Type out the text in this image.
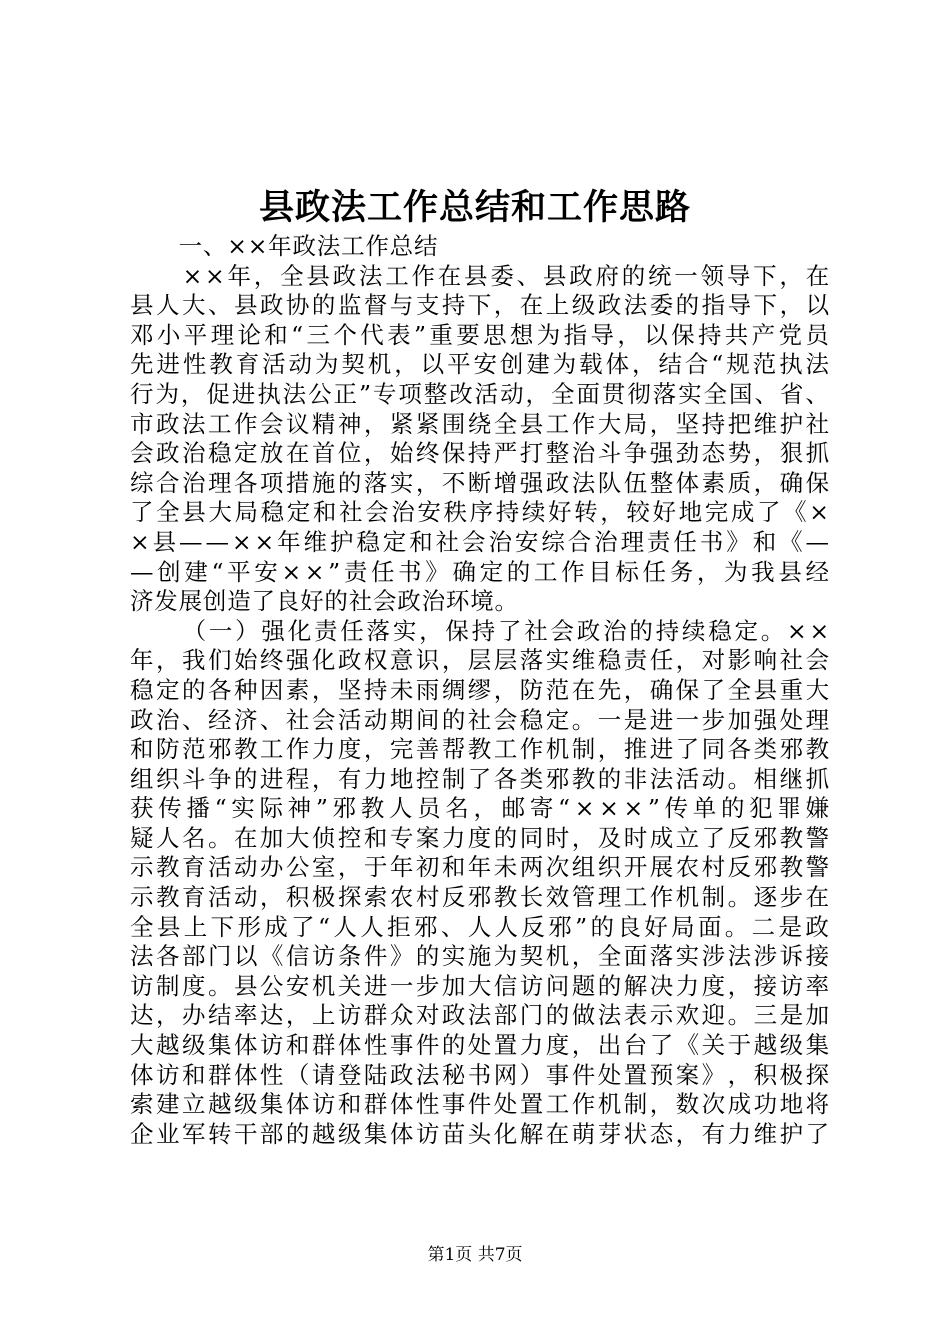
县政法工作总结和工作思路
　　一、××年政法工作总结

× × 年 ， 全 县 政 法 工 作 在 县 委 、 县 政 府 的 统 一 领 导 下 ， 在
县 人 大 、 县 政 协 的 监 督 与 支 持 下 ， 在 上 级 政 法 委 的 指 导 下 ， 以
邓 小 平 理 论 和 “ 三 个 代 表 ” 重 要 思 想 为 指 导 ， 以 保 持 共 产 党 员
先 进 性 教 育 活 动 为 契 机 ， 以 平 安 创 建 为 载 体 ， 结 合 “ 规 范 执 法
行 为 ， 促 进 执 法 公 正 ” 专 项 整 改 活 动 ， 全 面 贯 彻 落 实 全 国 、 省 、
市 政 法 工 作 会 议 精 神 ， 紧 紧 围 绕 全 县 工 作 大 局 ， 坚 持 把 维 护 社
会 政 治 稳 定 放 在 首 位 ， 始 终 保 持 严 打 整 治 斗 争 强 劲 态 势 ， 狠 抓
综 合 治 理 各 项 措 施 的 落 实 ， 不 断 增 强 政 法 队 伍 整 体 素 质 ， 确 保
了 全 县 大 局 稳 定 和 社 会 治 安 秩 序 持 续 好 转 ， 较 好 地 完 成 了 《 ×
× 县 — — × × 年 维 护 稳 定 和 社 会 治 安 综 合 治 理 责 任 书 》 和 《 —
— 创 建 “ 平 安 × × ” 责 任 书 》 确 定 的 工 作 目 标 任 务 ， 为 我 县 经
济发展创造了良好的社会政治环境。

（ 一 ） 强 化 责 任 落 实 ， 保 持 了 社 会 政 治 的 持 续 稳 定 。 × ×
年 ， 我 们 始 终 强 化 政 权 意 识 ， 层 层 落 实 维 稳 责 任 ， 对 影 响 社 会
稳 定 的 各 种 因 素 ， 坚 持 未 雨 绸 缪 ， 防 范 在 先 ， 确 保 了 全 县 重 大
政 治 、 经 济 、 社 会 活 动 期 间 的 社 会 稳 定 。 一 是 进 一 步 加 强 处 理
和 防 范 邪 教 工 作 力 度 ， 完 善 帮 教 工 作 机 制 ， 推 进 了 同 各 类 邪 教
组 织 斗 争 的 进 程 ， 有 力 地 控 制 了 各 类 邪 教 的 非 法 活 动 。 相 继 抓
获 传 播 “ 实 际 神 ” 邪 教 人 员 名 ， 邮 寄 “ × × × ” 传 单 的 犯 罪 嫌
疑 人 名 。 在 加 大 侦 控 和 专 案 力 度 的 同 时 ， 及 时 成 立 了 反 邪 教 警
示 教 育 活 动 办 公 室 ， 于 年 初 和 年 未 两 次 组 织 开 展 农 村 反 邪 教 警
示 教 育 活 动 ， 积 极 探 索 农 村 反 邪 教 长 效 管 理 工 作 机 制 。 逐 步 在
全 县 上 下 形 成 了 “ 人 人 拒 邪 、 人 人 反 邪 ” 的 良 好 局 面 。 二 是 政
法 各 部 门 以 《 信 访 条 件 》 的 实 施 为 契 机 ， 全 面 落 实 涉 法 涉 诉 接
访 制 度 。 县 公 安 机 关 进 一 步 加 大 信 访 问 题 的 解 决 力 度 ， 接 访 率
达 ， 办 结 率 达 ， 上 访 群 众 对 政 法 部 门 的 做 法 表 示 欢 迎 。 三 是 加
大 越 级 集 体 访 和 群 体 性 事 件 的 处 置 力 度 ， 出 台 了 《 关 于 越 级 集
体 访 和 群 体 性 （ 请 登 陆 政 法 秘 书 网 ） 事 件 处 置 预 案 》 ， 积 极 探
索 建 立 越 级 集 体 访 和 群 体 性 事 件 处 置 工 作 机 制 ， 数 次 成 功 地 将
企 业 军 转 干 部 的 越 级 集 体 访 苗 头 化 解 在 萌 芽 状 态 ， 有 力 维 护 了
第1页 共7页
